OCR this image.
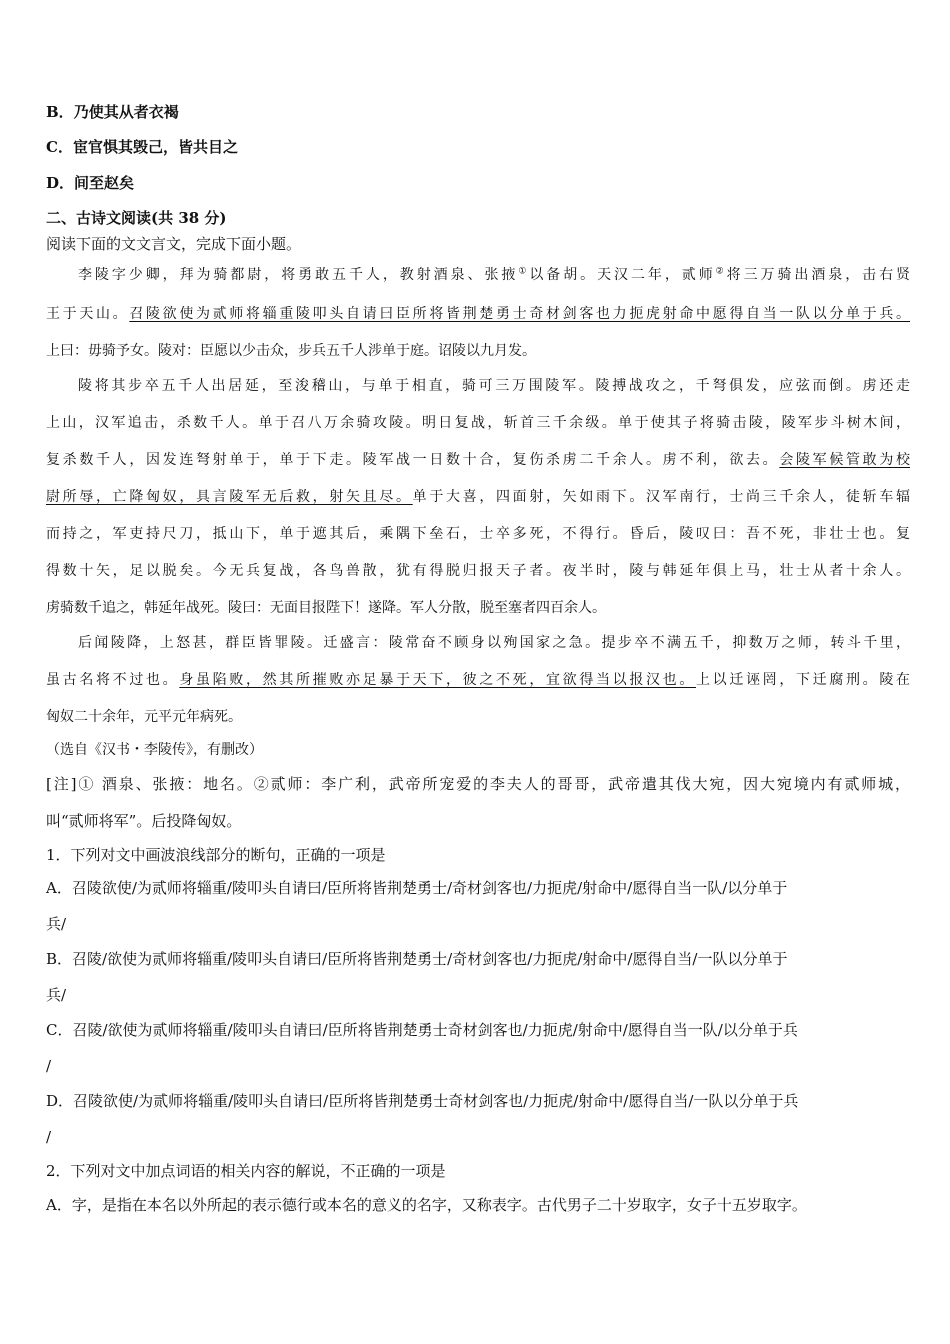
B．乃使其从者衣褐
C．宦官惧其毁己，皆共目之
D．间至赵矣
二、古诗文阅读(共 38 分)
阅读下面的文文言文，完成下面小题。
李陵字少卿，拜为骑都尉，将勇敢五千人，教射酒泉、张掖①以备胡。天汉二年，贰师②将三万骑出酒泉，击右贤
王于天山。召陵欲使为贰师将辎重陵叩头自请曰臣所将皆荆楚勇士奇材剑客也力扼虎射命中愿得自当一队以分单于兵。
上曰：毋骑予女。陵对：臣愿以少击众，步兵五千人涉单于庭。诏陵以九月发。
陵将其步卒五千人出居延，至浚稽山，与单于相直，骑可三万围陵军。陵搏战攻之，千弩俱发，应弦而倒。虏还走
上山，汉军追击，杀数千人。单于召八万余骑攻陵。明日复战，斩首三千余级。单于使其子将骑击陵，陵军步斗树木间，
复杀数千人，因发连弩射单于，单于下走。陵军战一日数十合，复伤杀虏二千余人。虏不利，欲去。会陵军候管敢为校
尉所辱，亡降匈奴，具言陵军无后救，射矢且尽。单于大喜，四面射，矢如雨下。汉军南行，士尚三千余人，徒斩车辐
而持之，军吏持尺刀，抵山下，单于遮其后，乘隅下垒石，士卒多死，不得行。昏后，陵叹曰：吾不死，非壮士也。复
得数十矢，足以脱矣。今无兵复战，各鸟兽散，犹有得脱归报天子者。夜半时，陵与韩延年俱上马，壮士从者十余人。
虏骑数千追之，韩延年战死。陵曰：无面目报陛下！遂降。军人分散，脱至塞者四百余人。
后闻陵降，上怒甚，群臣皆罪陵。迁盛言：陵常奋不顾身以殉国家之急。提步卒不满五千，抑数万之师，转斗千里，
虽古名将不过也。身虽陷败，然其所摧败亦足暴于天下，彼之不死，宜欲得当以报汉也。上以迁诬罔，下迁腐刑。陵在
匈奴二十余年，元平元年病死。
（选自《汉书・李陵传》，有删改）
[注]① 酒泉、张掖：地名。②贰师：李广利，武帝所宠爱的李夫人的哥哥，武帝遣其伐大宛，因大宛境内有贰师城，
叫“贰师将军”。后投降匈奴。
1．下列对文中画波浪线部分的断句，正确的一项是
A．召陵欲使/为贰师将辎重/陵叩头自请曰/臣所将皆荆楚勇士/奇材剑客也/力扼虎/射命中/愿得自当一队/以分单于
兵/
B．召陵/欲使为贰师将辎重/陵叩头自请曰/臣所将皆荆楚勇士/奇材剑客也/力扼虎/射命中/愿得自当/一队以分单于
兵/
C．召陵/欲使为贰师将辎重/陵叩头自请曰/臣所将皆荆楚勇士奇材剑客也/力扼虎/射命中/愿得自当一队/以分单于兵
/
D．召陵欲使/为贰师将辎重/陵叩头自请曰/臣所将皆荆楚勇士奇材剑客也/力扼虎/射命中/愿得自当/一队以分单于兵
/
2．下列对文中加点词语的相关内容的解说，不正确的一项是
A．字，是指在本名以外所起的表示德行或本名的意义的名字，又称表字。古代男子二十岁取字，女子十五岁取字。
